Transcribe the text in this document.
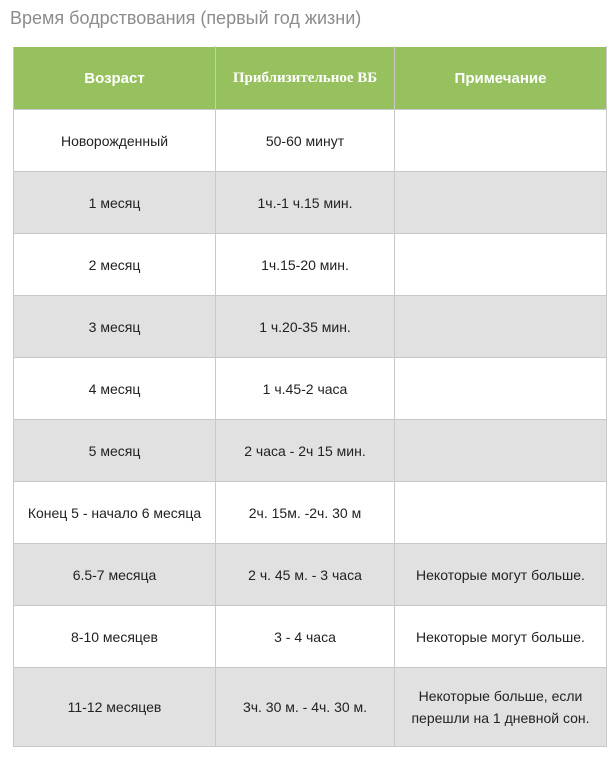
Время бодрствования (первый год жизни)
Возраст	Приблизительное ВБ	Примечание
Новорожденный	50-60 минут	
1 месяц	1ч.-1 ч.15 мин.	
2 месяц	1ч.15-20 мин.	
3 месяц	1 ч.20-35 мин.	
4 месяц	1 ч.45-2 часа	
5 месяц	2 часа - 2ч 15 мин.	
Конец 5 - начало 6 месяца	2ч. 15м. -2ч. 30 м	
6.5-7 месяца	2 ч. 45 м. - 3 часа	Некоторые могут больше.
8-10 месяцев	3 - 4 часа	Некоторые могут больше.
11-12 месяцев	3ч. 30 м. - 4ч. 30 м.	Некоторые больше, если перешли на 1 дневной сон.
